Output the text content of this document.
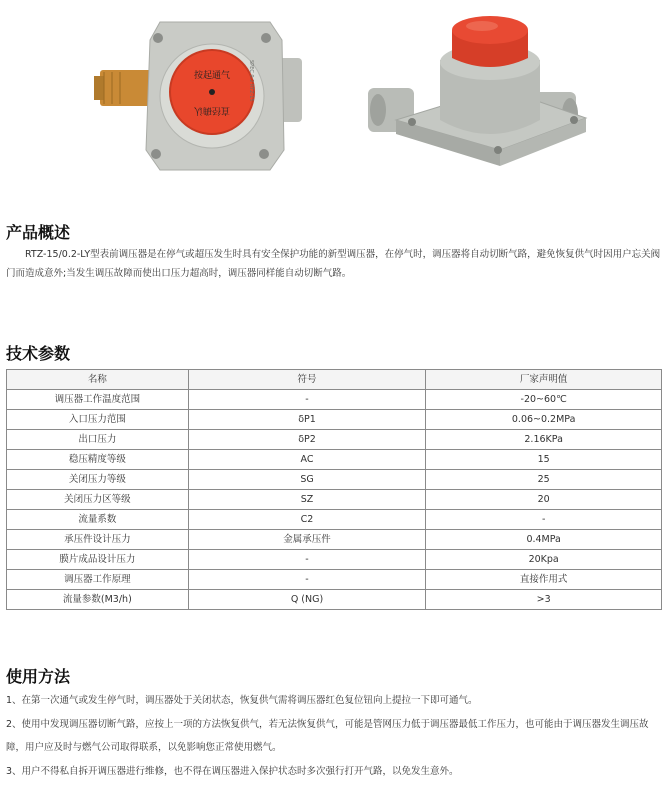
按起通气
直径确认
SPEC 0.2 RTZ-15
产品概述

RTZ-15/0.2-LY型表前调压器是在停气或超压发生时具有安全保护功能的新型调压器，在停气时，调压器将自动切断气路，避免恢复供气时因用户忘关阀门而造成意外;当发生调压故障而使出口压力超高时，调压器同样能自动切断气路。

技术参数
名称	符号	厂家声明值
调压器工作温度范围	-	-20~60℃
入口压力范围	δP1	0.06~0.2MPa
出口压力	δP2	2.16KPa
稳压精度等级	AC	15
关闭压力等级	SG	25
关闭压力区等级	SZ	20
流量系数	C2	-
承压件设计压力	金属承压件	0.4MPa
膜片成品设计压力	-	20Kpa
调压器工作原理	-	直接作用式
流量参数(M3/h)	Q (NG)	>3
使用方法

1、在第一次通气或发生停气时，调压器处于关闭状态，恢复供气需将调压器红色复位钮向上提拉一下即可通气。

2、使用中发现调压器切断气路，应按上一项的方法恢复供气，若无法恢复供气，可能是管网压力低于调压器最低工作压力，也可能由于调压器发生调压故障，用户应及时与燃气公司取得联系，以免影响您正常使用燃气。

3、用户不得私自拆开调压器进行维修，也不得在调压器进入保护状态时多次强行打开气路，以免发生意外。
